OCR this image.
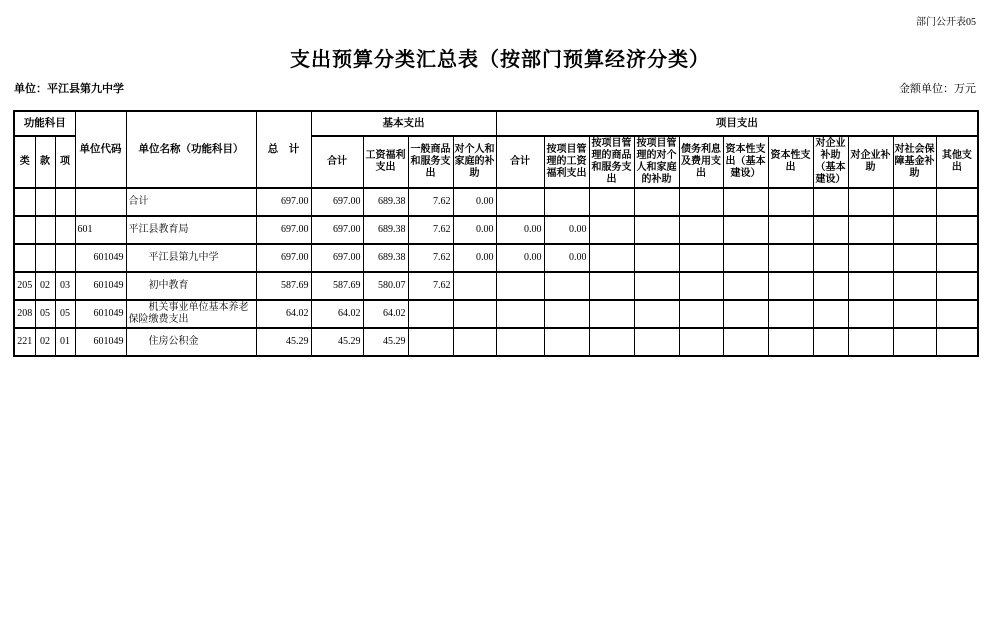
部门公开表05
支出预算分类汇总表（按部门预算经济分类）
单位：平江县第九中学	金额单位：万元
功能科目			单位代码	单位名称（功能科目）	总　计	基本支出				项目支出										
类	款	项				合计	工资福利支出	一般商品和服务支出	对个人和家庭的补助	合计	按项目管理的工资福利支出	按项目管理的商品和服务支出	按项目管理的对个人和家庭的补助	债务利息及费用支出	资本性支出（基本建设）	资本性支出	对企业补助（基本建设）	对企业补助	对社会保障基金补助	其他支出
				合计	697.00	697.00	689.38	7.62	0.00											
			601	平江县教育局	697.00	697.00	689.38	7.62	0.00	0.00	0.00									
			601049	平江县第九中学	697.00	697.00	689.38	7.62	0.00	0.00	0.00									
205	02	03	601049	初中教育	587.69	587.69	580.07	7.62												
208	05	05	601049	机关事业单位基本养老保险缴费支出	64.02	64.02	64.02													
221	02	01	601049	住房公积金	45.29	45.29	45.29													
